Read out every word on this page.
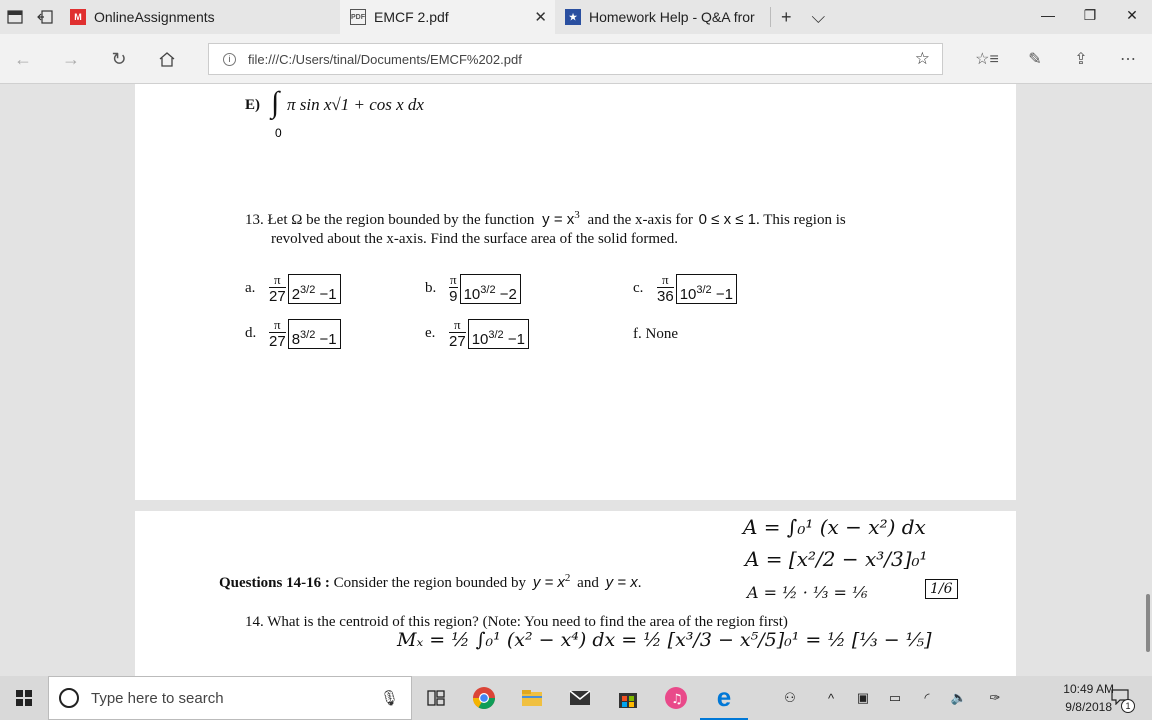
M OnlineAssignments	PDF EMCF 2.pdf	✕	★ Homework Help - Q&A fror	+	⌵	—	❐	✕
← →	↻	i	file:///C:/Users/tinal/Documents/EMCF%202.pdf	☆	☆≡	✎	⇪	⋯
E) ∫ π sin x√1 + cos x dx
0
13. Łet Ω be the region bounded by the function $y = x^3$ and the x-axis for 0 ≤ x ≤ 1. This region is
revolved about the x-axis. Find the surface area of the solid formed.
a. $\frac{\pi}{27} 2^{3/2} -1$	b. $\frac{\pi}{9} 10^{3/2} -2$	c. $\frac{\pi}{36} 10^{3/2} -1$
d. $\frac{\pi}{27} 8^{3/2} -1$	e. $\frac{\pi}{27} 10^{3/2} -1$	f. None
Questions 14-16 : Consider the region bounded by $y = x^2$ and y = x.
14. What is the centroid of this region? (Note: You need to find the area of the region first)
A = ∫₀¹ (x − x²) dx
A = [x²/2 − x³/3]₀¹
A = ½ · ⅓ = ⅙	1/6
Mₓ = ½ ∫₀¹ (x² − x⁴) dx = ½ [x³/3 − x⁵/5]₀¹ = ½ [⅓ − ⅕]
Type here to search	🎙	♫ e	⚇	^	▣	▭	◜	🔈	✑
10:49 AM
9/8/2018	1
